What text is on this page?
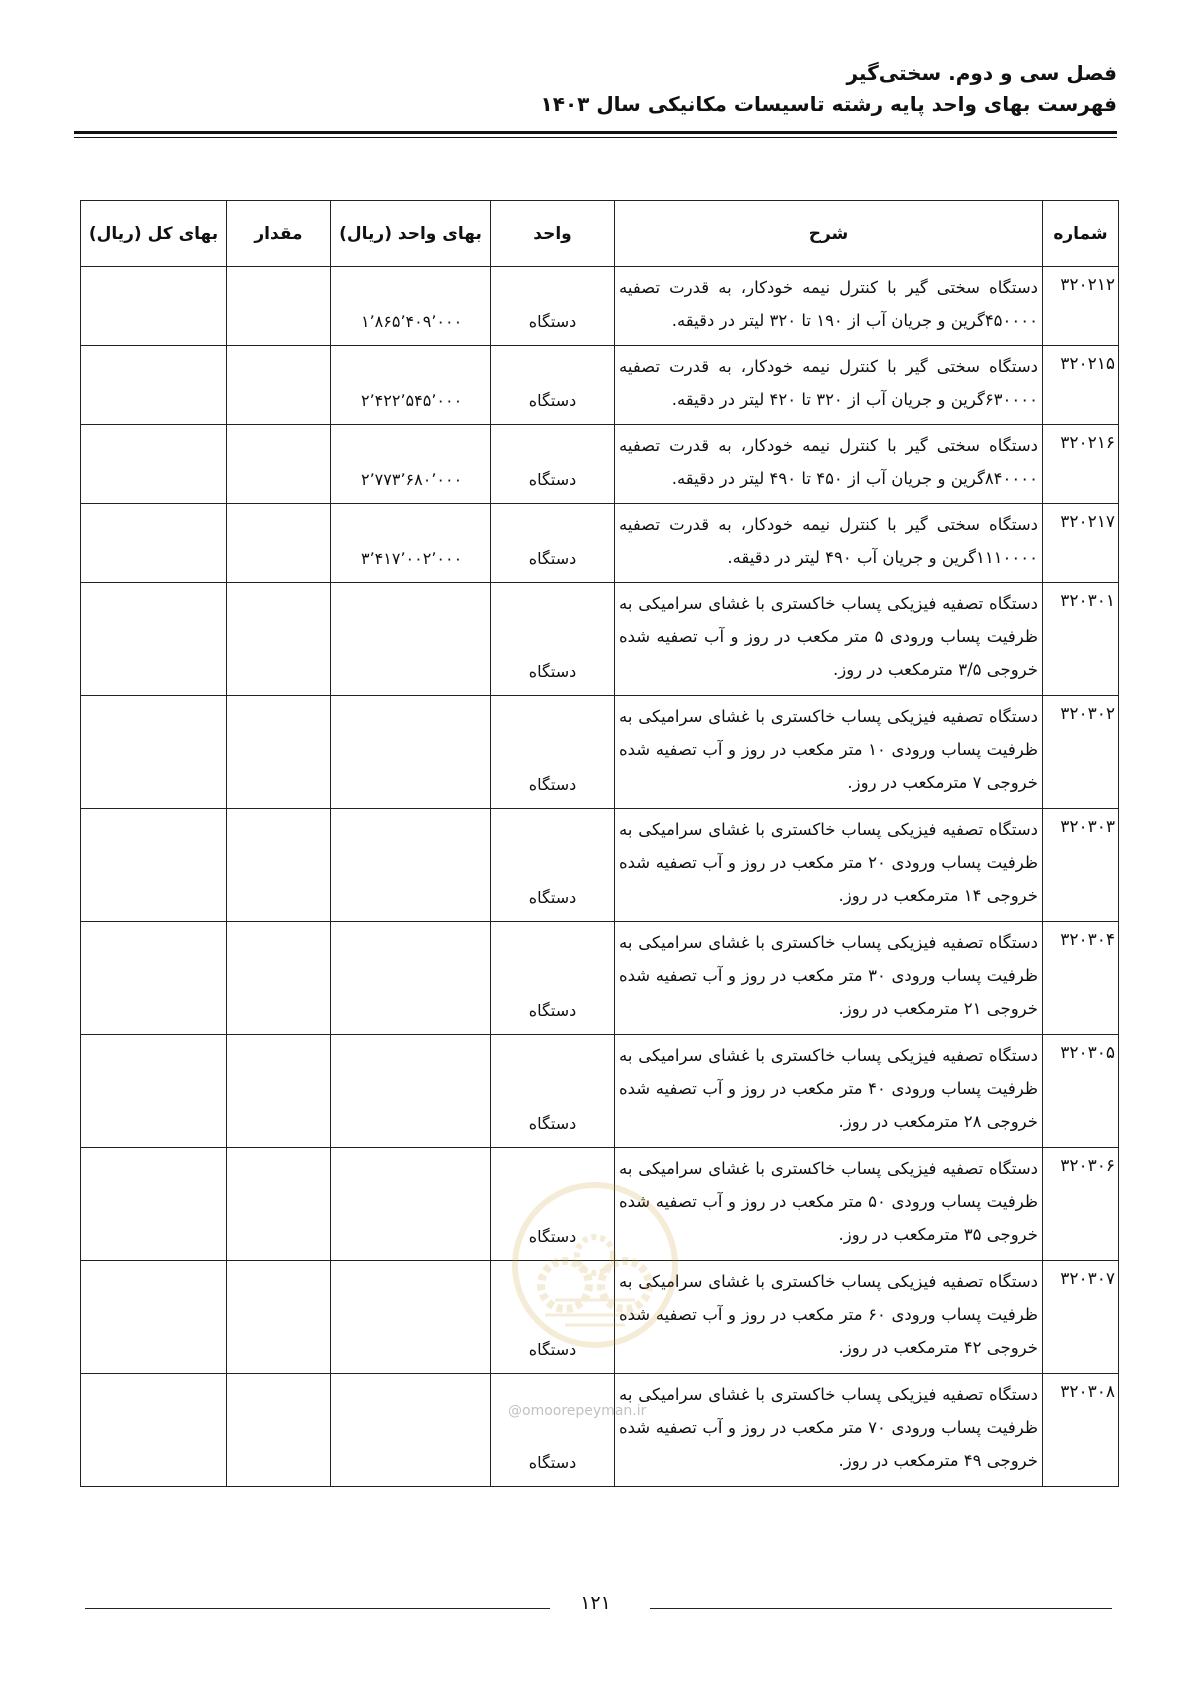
فصل سی و دوم. سختی‌گیر
فهرست بهای واحد پایه رشته تاسیسات مکانیکی سال ۱۴۰۳
شماره	شرح	واحد	بهای واحد (ریال)	مقدار	بهای کل (ریال)
۳۲۰۲۱۲	دستگاه سختی گیر با کنترل نیمه خودکار، به قدرت تصفیه ۴۵۰۰۰۰گرین و جریان آب از ۱۹۰ تا ۳۲۰ لیتر در دقیقه.	دستگاه	۱٬۸۶۵٬۴۰۹٬۰۰۰		
۳۲۰۲۱۵	دستگاه سختی گیر با کنترل نیمه خودکار، به قدرت تصفیه ۶۳۰۰۰۰گرین و جریان آب از ۳۲۰ تا ۴۲۰ لیتر در دقیقه.	دستگاه	۲٬۴۲۲٬۵۴۵٬۰۰۰		
۳۲۰۲۱۶	دستگاه سختی گیر با کنترل نیمه خودکار، به قدرت تصفیه ۸۴۰۰۰۰گرین و جریان آب از ۴۵۰ تا ۴۹۰ لیتر در دقیقه.	دستگاه	۲٬۷۷۳٬۶۸۰٬۰۰۰		
۳۲۰۲۱۷	دستگاه سختی گیر با کنترل نیمه خودکار، به قدرت تصفیه ۱۱۱۰۰۰۰گرین و جریان آب ۴۹۰ لیتر در دقیقه.	دستگاه	۳٬۴۱۷٬۰۰۲٬۰۰۰		
۳۲۰۳۰۱	دستگاه تصفیه فیزیکی پساب خاکستری با غشای سرامیکی به ظرفیت پساب ورودی ۵ متر مکعب در روز و آب تصفیه شده خروجی ۳/۵ مترمکعب در روز.	دستگاه			
۳۲۰۳۰۲	دستگاه تصفیه فیزیکی پساب خاکستری با غشای سرامیکی به ظرفیت پساب ورودی ۱۰ متر مکعب در روز و آب تصفیه شده خروجی ۷ مترمکعب در روز.	دستگاه			
۳۲۰۳۰۳	دستگاه تصفیه فیزیکی پساب خاکستری با غشای سرامیکی به ظرفیت پساب ورودی ۲۰ متر مکعب در روز و آب تصفیه شده خروجی ۱۴ مترمکعب در روز.	دستگاه			
۳۲۰۳۰۴	دستگاه تصفیه فیزیکی پساب خاکستری با غشای سرامیکی به ظرفیت پساب ورودی ۳۰ متر مکعب در روز و آب تصفیه شده خروجی ۲۱ مترمکعب در روز.	دستگاه			
۳۲۰۳۰۵	دستگاه تصفیه فیزیکی پساب خاکستری با غشای سرامیکی به ظرفیت پساب ورودی ۴۰ متر مکعب در روز و آب تصفیه شده خروجی ۲۸ مترمکعب در روز.	دستگاه			
۳۲۰۳۰۶	دستگاه تصفیه فیزیکی پساب خاکستری با غشای سرامیکی به ظرفیت پساب ورودی ۵۰ متر مکعب در روز و آب تصفیه شده خروجی ۳۵ مترمکعب در روز.	دستگاه			
۳۲۰۳۰۷	دستگاه تصفیه فیزیکی پساب خاکستری با غشای سرامیکی به ظرفیت پساب ورودی ۶۰ متر مکعب در روز و آب تصفیه شده خروجی ۴۲ مترمکعب در روز.	دستگاه			
۳۲۰۳۰۸	دستگاه تصفیه فیزیکی پساب خاکستری با غشای سرامیکی به ظرفیت پساب ورودی ۷۰ متر مکعب در روز و آب تصفیه شده خروجی ۴۹ مترمکعب در روز.	دستگاه			
@omoorepeyman.ir
۱۲۱
